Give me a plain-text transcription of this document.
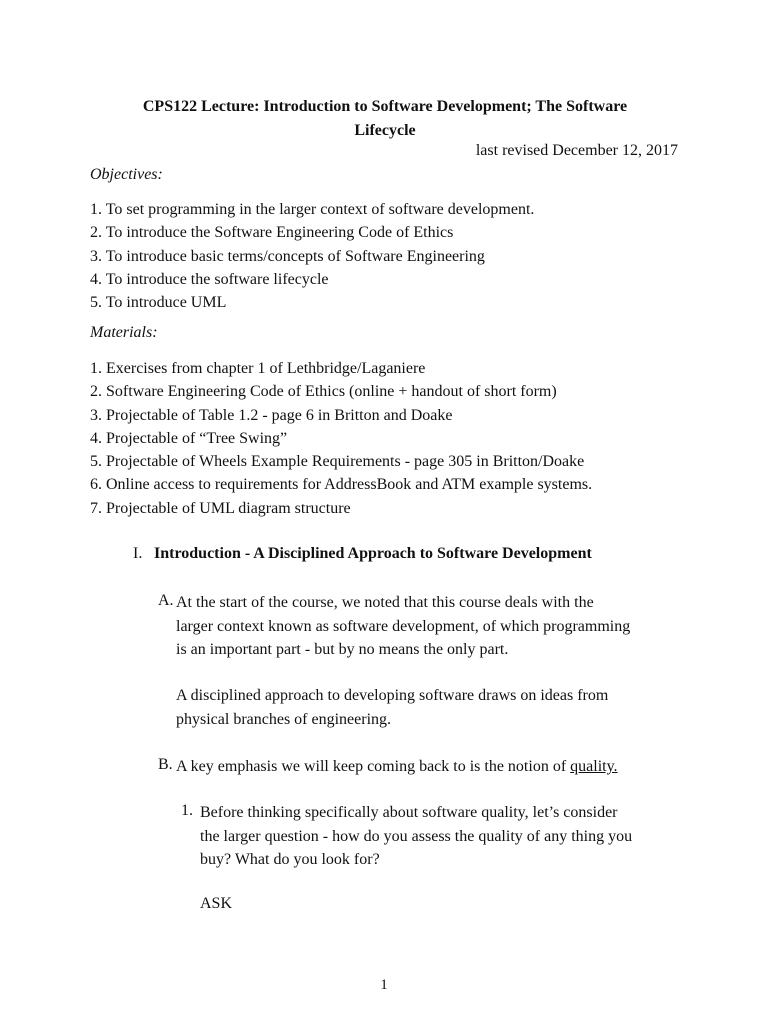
CPS122 Lecture: Introduction to Software Development; The Software
Lifecycle
last revised December 12, 2017
Objectives:
1. To set programming in the larger context of software development.
2. To introduce the Software Engineering Code of Ethics
3. To introduce basic terms/concepts of Software Engineering
4. To introduce the software lifecycle
5. To introduce UML
Materials:
1. Exercises from chapter 1 of Lethbridge/Laganiere
2. Software Engineering Code of Ethics (online + handout of short form)
3. Projectable of Table 1.2 - page 6 in Britton and Doake
4. Projectable of “Tree Swing”
5. Projectable of Wheels Example Requirements - page 305 in Britton/Doake
6. Online access to requirements for AddressBook and ATM example systems.
7. Projectable of UML diagram structure
I. Introduction - A Disciplined Approach to Software Development
A. At the start of the course, we noted that this course deals with the
larger context known as software development, of which programming
is an important part - but by no means the only part.
A disciplined approach to developing software draws on ideas from
physical branches of engineering.
B. A key emphasis we will keep coming back to is the notion of quality.
1. Before thinking specifically about software quality, let’s consider
the larger question - how do you assess the quality of any thing you
buy? What do you look for?
ASK
1
